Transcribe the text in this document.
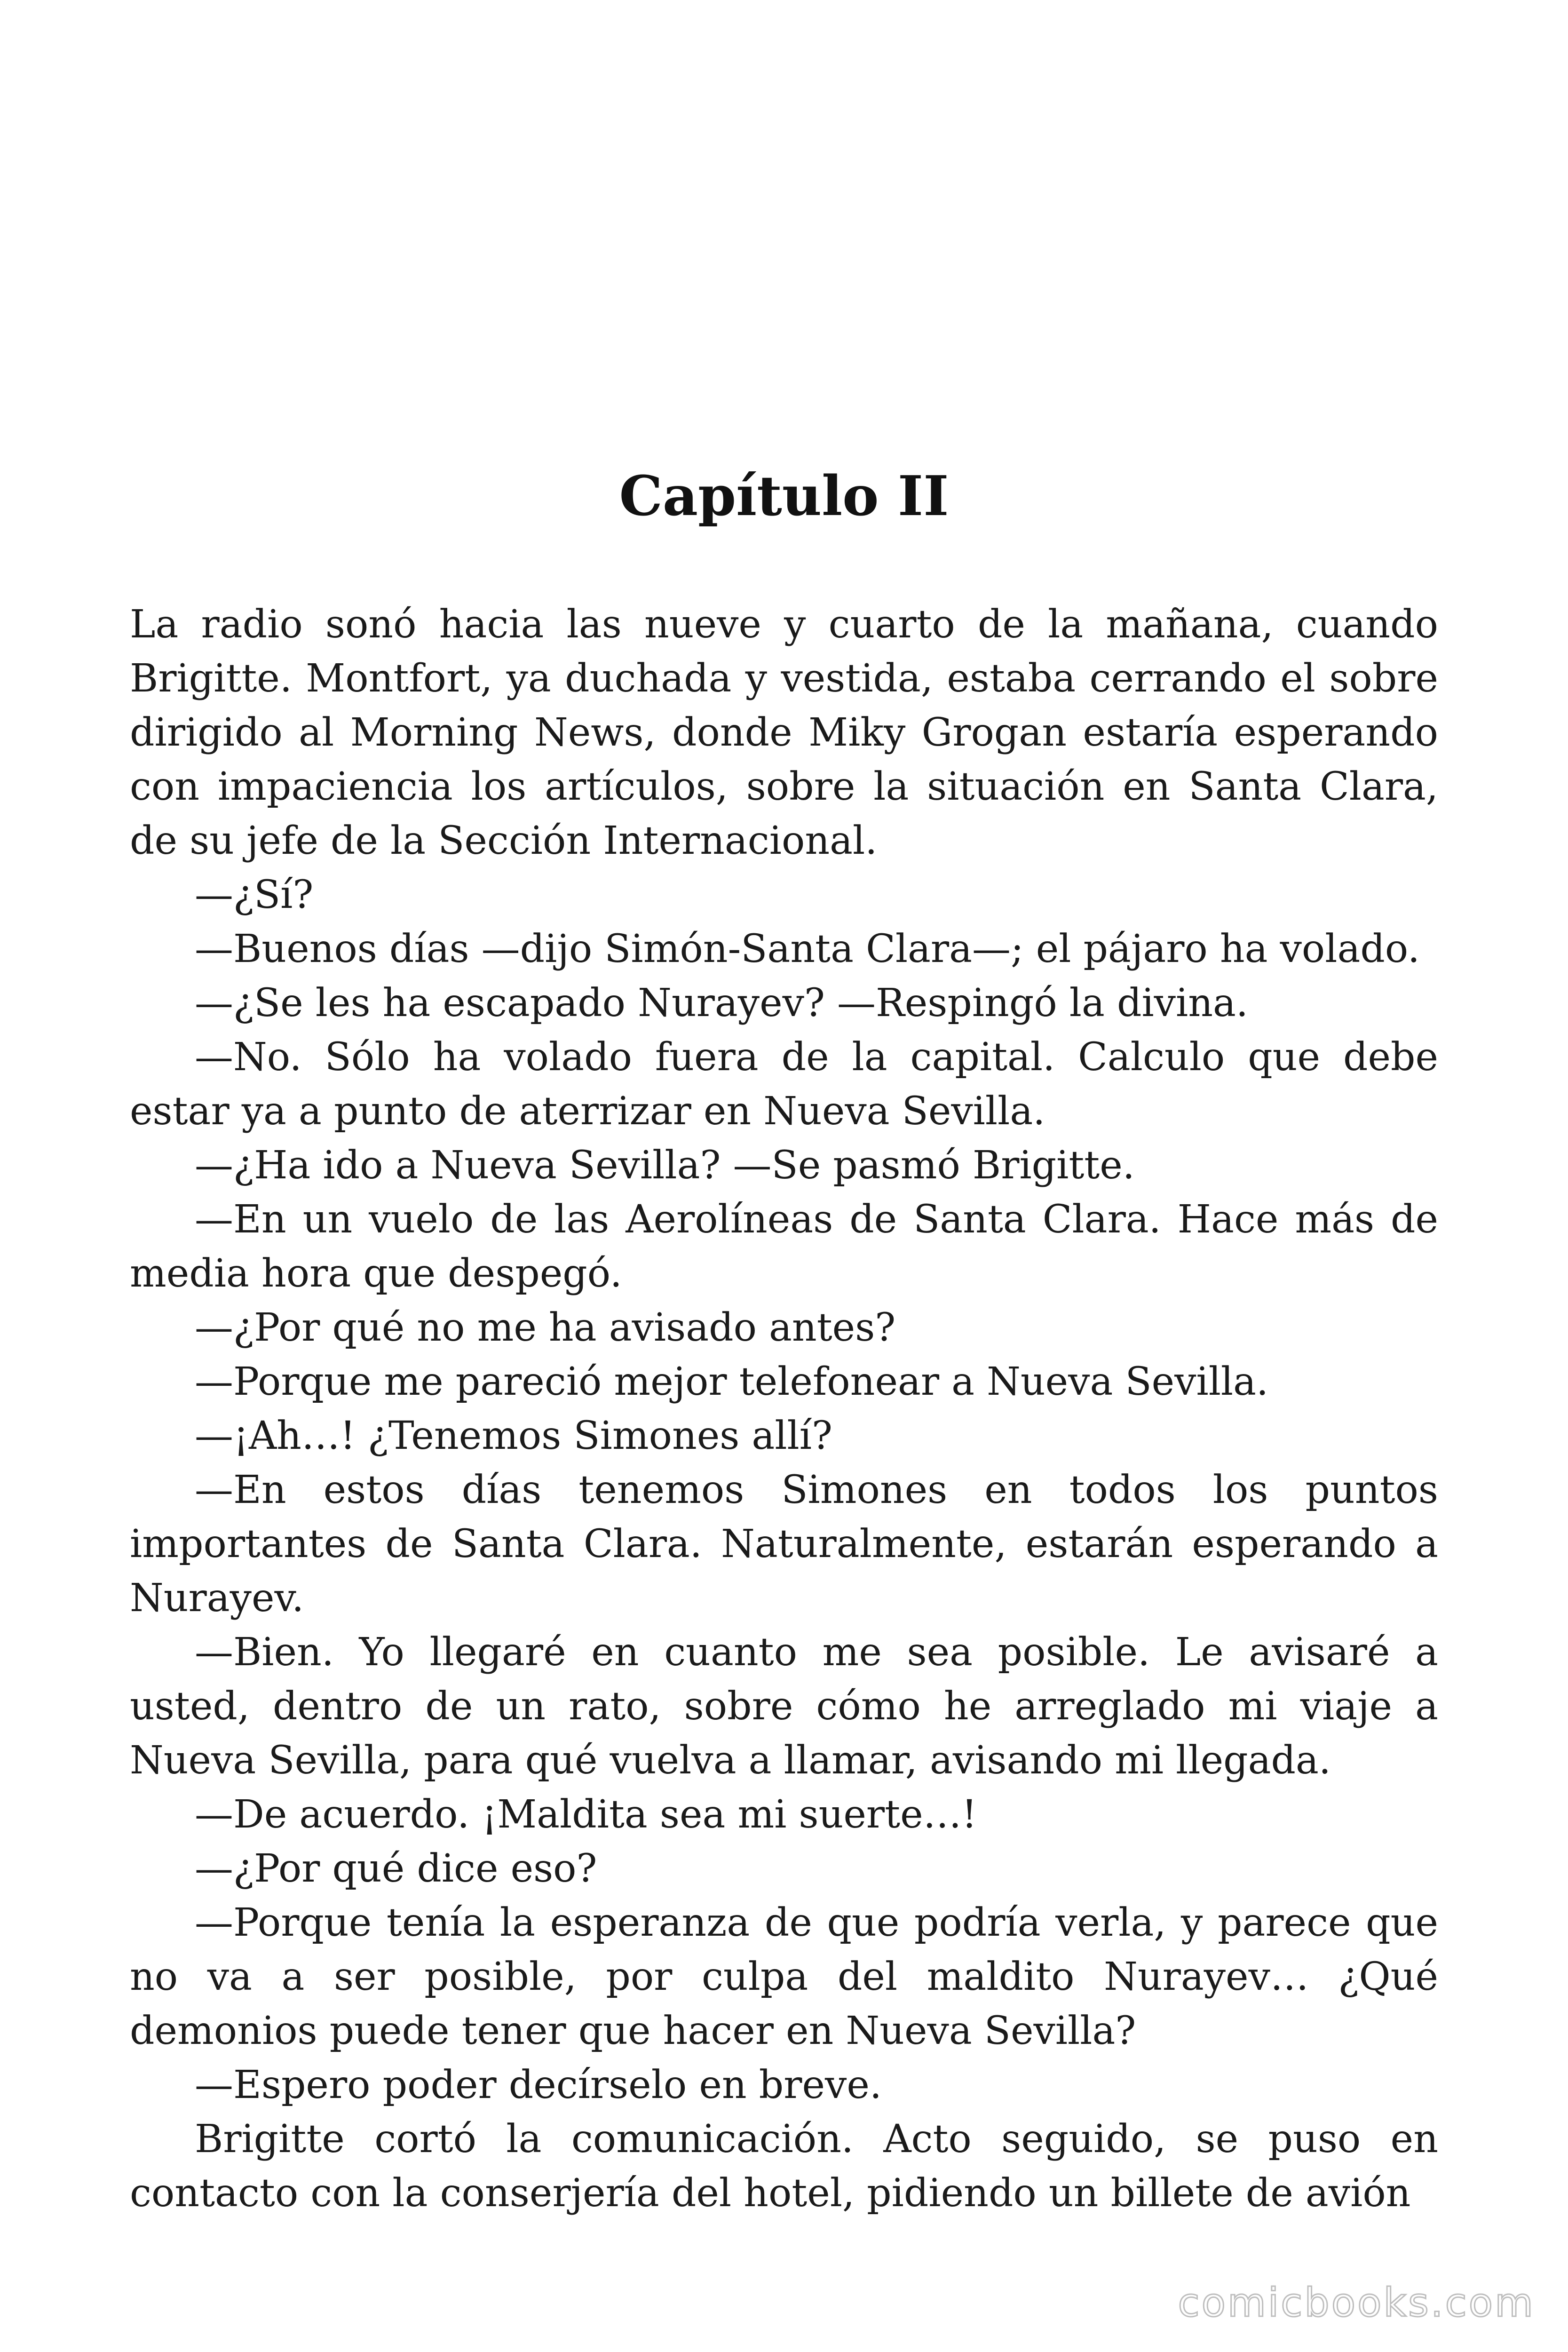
Capítulo II

La radio sonó hacia las nueve y cuarto de la mañana, cuando Brigitte. Montfort, ya duchada y vestida, estaba cerrando el sobre dirigido al Morning News, donde Miky Grogan estaría esperando con impaciencia los artículos, sobre la situación en Santa Clara, de su jefe de la Sección Internacional.

—¿Sí?

—Buenos días —dijo Simón-Santa Clara—; el pájaro ha volado.

—¿Se les ha escapado Nurayev? —Respingó la divina.

—No. Sólo ha volado fuera de la capital. Calculo que debe estar ya a punto de aterrizar en Nueva Sevilla.

—¿Ha ido a Nueva Sevilla? —Se pasmó Brigitte.

—En un vuelo de las Aerolíneas de Santa Clara. Hace más de media hora que despegó.

—¿Por qué no me ha avisado antes?

—Porque me pareció mejor telefonear a Nueva Sevilla.

—¡Ah…! ¿Tenemos Simones allí?

—En estos días tenemos Simones en todos los puntos importantes de Santa Clara. Naturalmente, estarán esperando a Nurayev.

—Bien. Yo llegaré en cuanto me sea posible. Le avisaré a usted, dentro de un rato, sobre cómo he arreglado mi viaje a Nueva Sevilla, para qué vuelva a llamar, avisando mi llegada.

—De acuerdo. ¡Maldita sea mi suerte…!

—¿Por qué dice eso?

—Porque tenía la esperanza de que podría verla, y parece que no va a ser posible, por culpa del maldito Nurayev… ¿Qué demonios puede tener que hacer en Nueva Sevilla?

—Espero poder decírselo en breve.

Brigitte cortó la comunicación. Acto seguido, se puso en contacto con la conserjería del hotel, pidiendo un billete de avión

comicbooks.com
